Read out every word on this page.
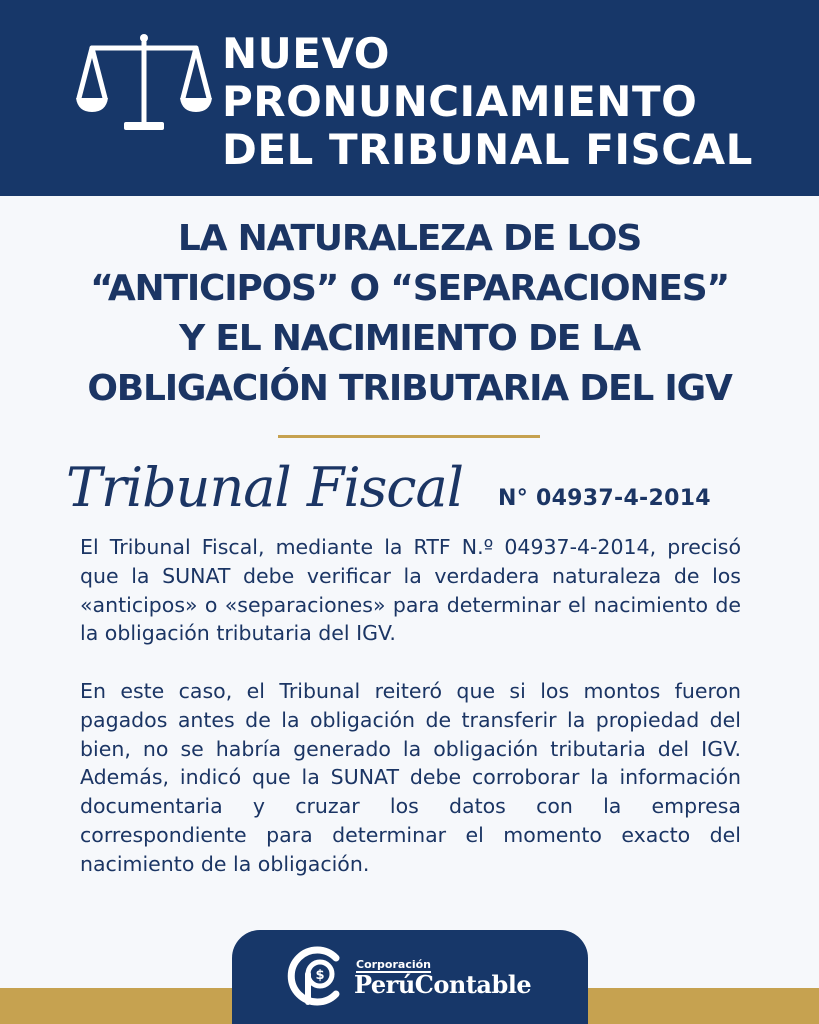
NUEVO
PRONUNCIAMIENTO
DEL TRIBUNAL FISCAL
LA NATURALEZA DE LOS
“ANTICIPOS” O “SEPARACIONES”
Y EL NACIMIENTO DE LA
OBLIGACIÓN TRIBUTARIA DEL IGV
Tribunal Fiscal N° 04937-4-2014

El Tribunal Fiscal, mediante la RTF N.º 04937-4-2014, precisó que la SUNAT debe verificar la verdadera naturaleza de los «anticipos» o «separaciones» para determinar el nacimiento de la obligación tributaria del IGV.

En este caso, el Tribunal reiteró que si los montos fueron pagados antes de la obligación de transferir la propiedad del bien, no se habría generado la obligación tributaria del IGV. Además, indicó que la SUNAT debe corroborar la información documentaria y cruzar los datos con la empresa correspondiente para determinar el momento exacto del nacimiento de la obligación.

$
Corporación
PerúContable
